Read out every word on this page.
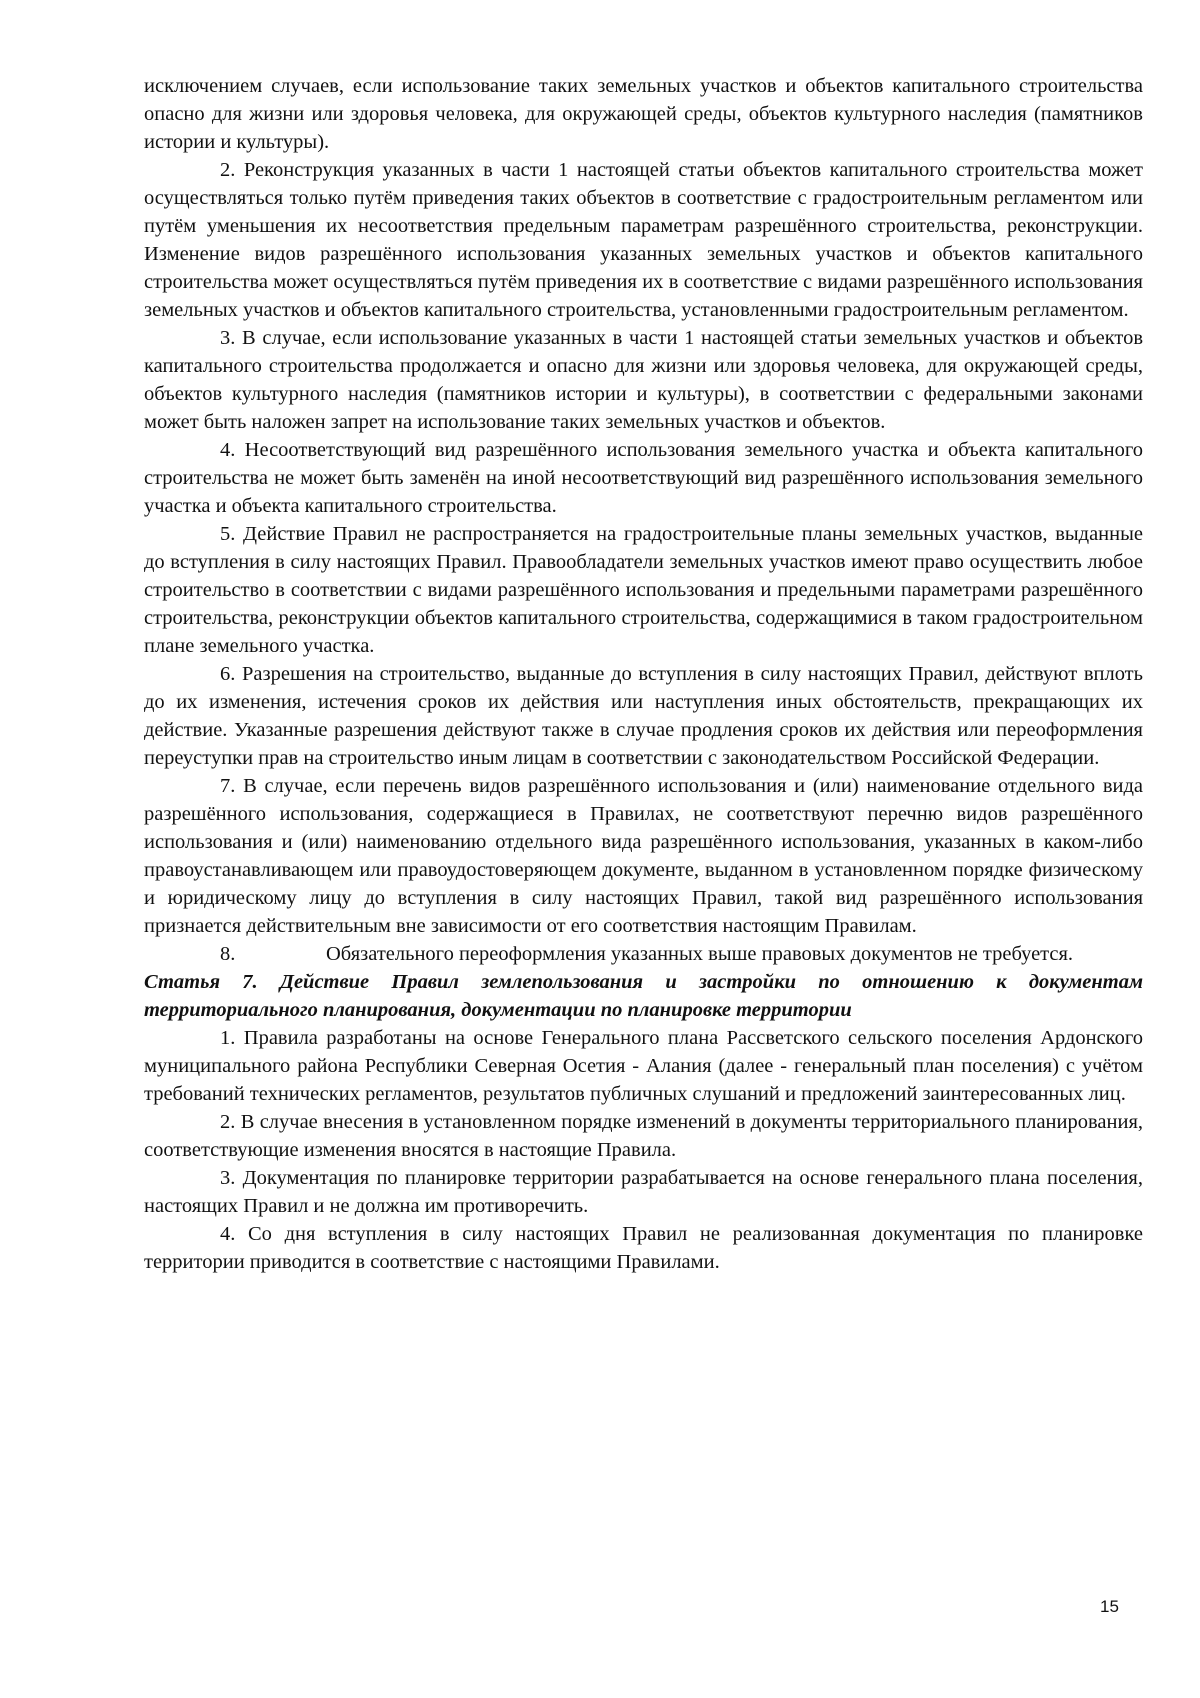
исключением случаев, если использование таких земельных участков и объектов капитального строительства опасно для жизни или здоровья человека, для окружающей среды, объектов культурного наследия (памятников истории и культуры).

2. Реконструкция указанных в части 1 настоящей статьи объектов капитального строительства может осуществляться только путём приведения таких объектов в соответствие с градостроительным регламентом или путём уменьшения их несоответствия предельным параметрам разрешённого строительства, реконструкции. Изменение видов разрешённого использования указанных земельных участков и объектов капитального строительства может осуществляться путём приведения их в соответствие с видами разрешённого использования земельных участков и объектов капитального строительства, установленными градостроительным регламентом.

3. В случае, если использование указанных в части 1 настоящей статьи земельных участков и объектов капитального строительства продолжается и опасно для жизни или здоровья человека, для окружающей среды, объектов культурного наследия (памятников истории и культуры), в соответствии с федеральными законами может быть наложен запрет на использование таких земельных участков и объектов.

4. Несоответствующий вид разрешённого использования земельного участка и объекта капитального строительства не может быть заменён на иной несоответствующий вид разрешённого использования земельного участка и объекта капитального строительства.

5. Действие Правил не распространяется на градостроительные планы земельных участков, выданные до вступления в силу настоящих Правил. Правообладатели земельных участков имеют право осуществить любое строительство в соответствии с видами разрешённого использования и предельными параметрами разрешённого строительства, реконструкции объектов капитального строительства, содержащимися в таком градостроительном плане земельного участка.

6. Разрешения на строительство, выданные до вступления в силу настоящих Правил, действуют вплоть до их изменения, истечения сроков их действия или наступления иных обстоятельств, прекращающих их действие. Указанные разрешения действуют также в случае продления сроков их действия или переоформления переуступки прав на строительство иным лицам в соответствии с законодательством Российской Федерации.

7. В случае, если перечень видов разрешённого использования и (или) наименование отдельного вида разрешённого использования, содержащиеся в Правилах, не соответствуют перечню видов разрешённого использования и (или) наименованию отдельного вида разрешённого использования, указанных в каком-либо правоустанавливающем или правоудостоверяющем документе, выданном в установленном порядке физическому и юридическому лицу до вступления в силу настоящих Правил, такой вид разрешённого использования признается действительным вне зависимости от его соответствия настоящим Правилам.

8.	Обязательного переоформления указанных выше правовых документов не требуется.

Статья 7. Действие Правил землепользования и застройки по отношению к документам территориального планирования, документации по планировке территории

1. Правила разработаны на основе Генерального плана Рассветского сельского поселения Ардонского муниципального района Республики Северная Осетия - Алания (далее - генеральный план поселения) с учётом требований технических регламентов, результатов публичных слушаний и предложений заинтересованных лиц.

2. В случае внесения в установленном порядке изменений в документы территориального планирования, соответствующие изменения вносятся в настоящие Правила.

3. Документация по планировке территории разрабатывается на основе генерального плана поселения, настоящих Правил и не должна им противоречить.

4. Со дня вступления в силу настоящих Правил не реализованная документация по планировке территории приводится в соответствие с настоящими Правилами.

15
